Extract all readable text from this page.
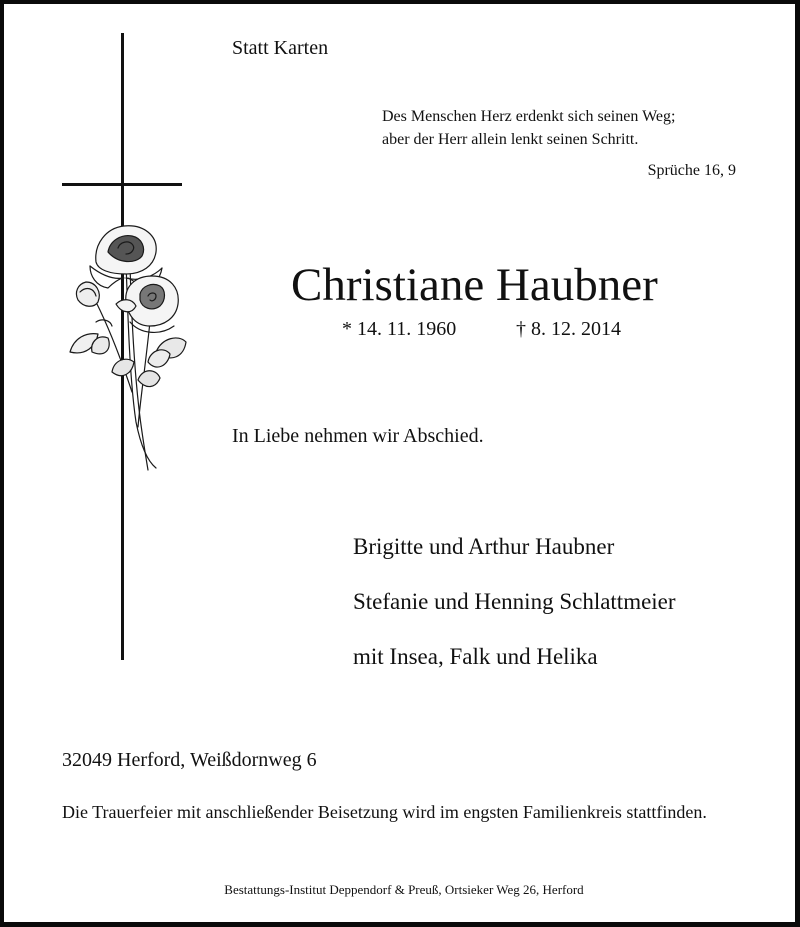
Statt Karten
Des Menschen Herz erdenkt sich seinen Weg;
aber der Herr allein lenkt seinen Schritt.
Sprüche 16, 9
Christiane Haubner
* 14. 11. 1960	† 8. 12. 2014
In Liebe nehmen wir Abschied.
Brigitte und Arthur Haubner
Stefanie und Henning Schlattmeier
mit Insea, Falk und Helika
32049 Herford, Weißdornweg 6
Die Trauerfeier mit anschließender Beisetzung wird im engsten Familienkreis stattfinden.
Bestattungs-Institut Deppendorf & Preuß, Ortsieker Weg 26, Herford
